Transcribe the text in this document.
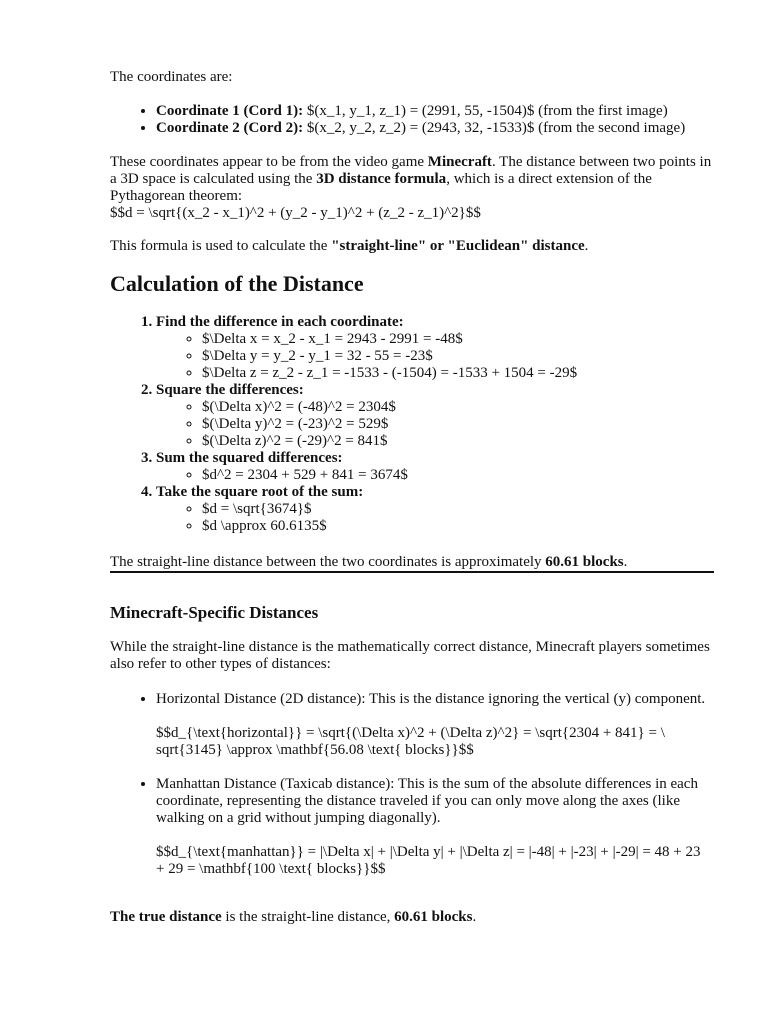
The coordinates are:

• Coordinate 1 (Cord 1): $(x_1, y_1, z_1) = (2991, 55, -1504)$ (from the first image)
• Coordinate 2 (Cord 2): $(x_2, y_2, z_2) = (2943, 32, -1533)$ (from the second image)

These coordinates appear to be from the video game Minecraft. The distance between two points in a 3D space is calculated using the 3D distance formula, which is a direct extension of the Pythagorean theorem:
$$d = \sqrt{(x_2 - x_1)^2 + (y_2 - y_1)^2 + (z_2 - z_1)^2}$$

This formula is used to calculate the "straight-line" or "Euclidean" distance.

Calculation of the Distance
1. Find the difference in each coordinate:
◦ $\Delta x = x_2 - x_1 = 2943 - 2991 = -48$
◦ $\Delta y = y_2 - y_1 = 32 - 55 = -23$
◦ $\Delta z = z_2 - z_1 = -1533 - (-1504) = -1533 + 1504 = -29$
2. Square the differences:
◦ $(\Delta x)^2 = (-48)^2 = 2304$
◦ $(\Delta y)^2 = (-23)^2 = 529$
◦ $(\Delta z)^2 = (-29)^2 = 841$
3. Sum the squared differences:
◦ $d^2 = 2304 + 529 + 841 = 3674$
4. Take the square root of the sum:
◦ $d = \sqrt{3674}$
◦ $d \approx 60.6135$

The straight-line distance between the two coordinates is approximately 60.61 blocks.

Minecraft-Specific Distances

While the straight-line distance is the mathematically correct distance, Minecraft players sometimes also refer to other types of distances:

• Horizontal Distance (2D distance): This is the distance ignoring the vertical (y) component.

$$d_{\text{horizontal}} = \sqrt{(\Delta x)^2 + (\Delta z)^2} = \sqrt{2304 + 841} = \ sqrt{3145} \approx \mathbf{56.08 \text{ blocks}}$$

• Manhattan Distance (Taxicab distance): This is the sum of the absolute differences in each coordinate, representing the distance traveled if you can only move along the axes (like walking on a grid without jumping diagonally).

$$d_{\text{manhattan}} = |\Delta x| + |\Delta y| + |\Delta z| = |-48| + |-23| + |-29| = 48 + 23 + 29 = \mathbf{100 \text{ blocks}}$$

The true distance is the straight-line distance, 60.61 blocks.
